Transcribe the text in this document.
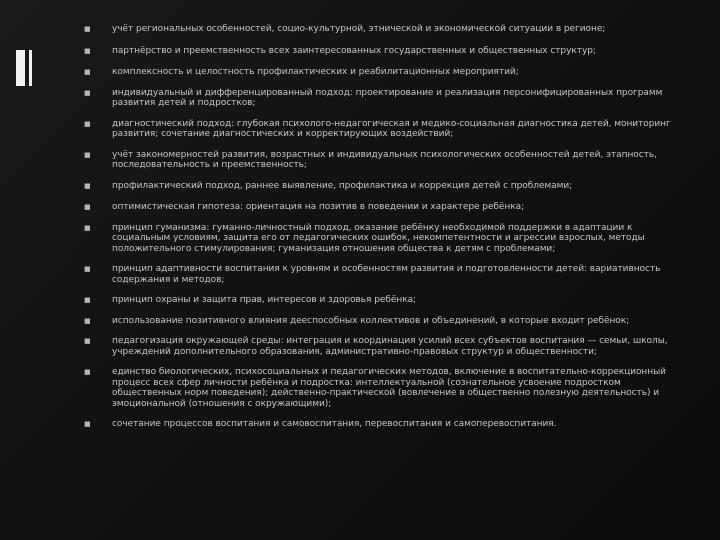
■ учёт региональных особенностей, социо-культурной, этнической и экономической ситуации в регионе;
■ партнёрство и преемственность всех заинтересованных государственных и общественных структур;
■ комплексность и целостность профилактических и реабилитационных мероприятий;
■ индивидуальный и дифференцированный подход: проектирование и реализация персонифицированных программ развития детей и подростков;
■ диагностический подход: глубокая психолого-недагогическая и медико-социальная диагностика детей, мониторинг развития; сочетание диагностических и корректирующих воздействий;
■ учёт закономерностей развития, возрастных и индивидуальных психологических особенностей детей, этапность, последовательность и преемственность;
■ профилактический подход, раннее выявление, профилактика и коррекция детей с проблемами;
■ оптимистическая гипотеза: ориентация на позитив в поведении и характере ребёнка;
■ принцип гуманизма: гуманно-личностный подход, оказание ребёнку необходимой поддержки в адаптации к социальным условиям, защита его от педагогических ошибок, некомпетентности и агрессии взрослых, методы положительного стимулирования; гуманизация отношения общества к детям с проблемами;
■ принцип адаптивности воспитания к уровням и особенностям развития и подготовленности детей: вариативность содержания и методов;
■ принцип охраны и защита прав, интересов и здоровья ребёнка;
■ использование позитивного влияния дееспособных коллективов и объединений, в которые входит ребёнок;
■ педагогизация окружающей среды: интеграция и координация усилий всех субъектов воспитания — семьи, школы, учреждений дополнительного образования, административно-правовых структур и общественности;
■ единство биологических, психосоциальных и педагогических методов, включение в воспитательно-коррекционный процесс всех сфер личности ребёнка и подростка: интеллектуальной (сознательное усвоение подростком общественных норм поведения); действенно-практической (вовлечение в общественно полезную деятельность) и эмоциональной (отношения с окружающими);
■ сочетание процессов воспитания и самовоспитания, перевоспитания и самоперевоспитания.
